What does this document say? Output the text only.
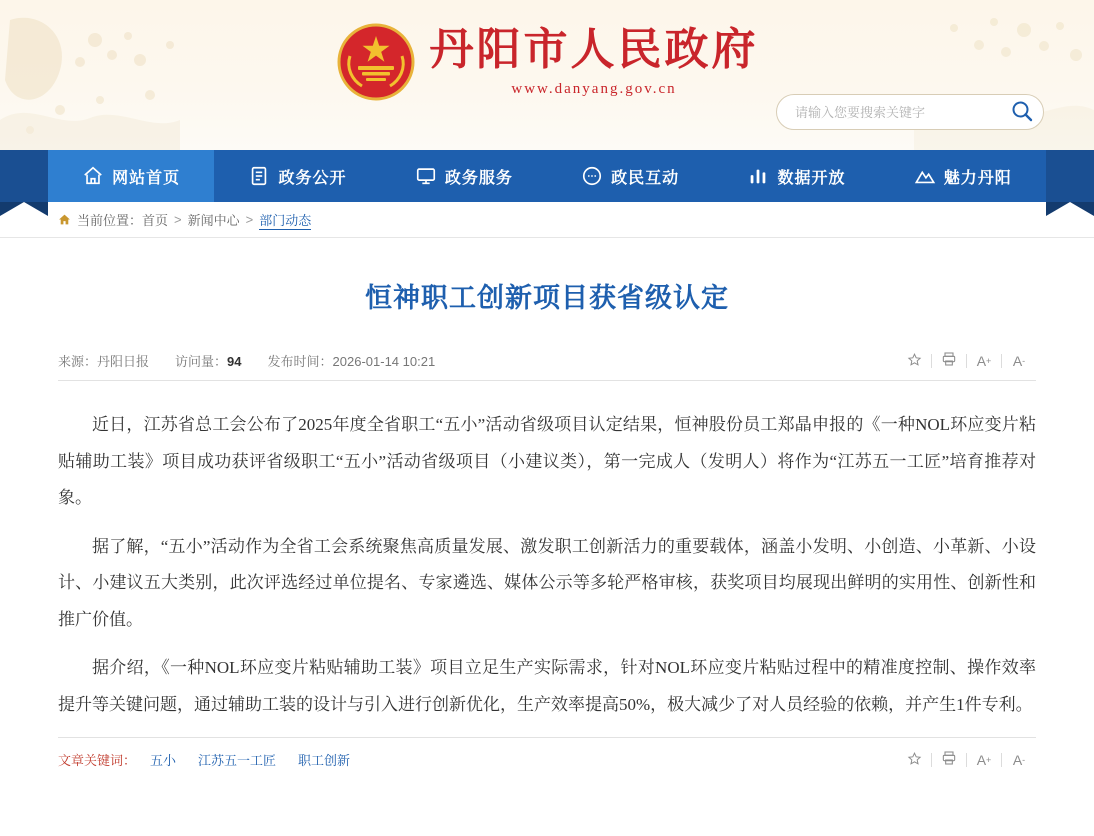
丹阳市人民政府
www.danyang.gov.cn
请输入您要搜索关键字
网站首页	政务公开	政务服务	政民互动	数据开放	魅力丹阳
当前位置： 首页 > 新闻中心 > 部门动态
恒神职工创新项目获省级认定
来源：丹阳日报 访问量：94 发布时间：2026-01-14 10:21	A + A -

近日，江苏省总工会公布了2025年度全省职工“五小”活动省级项目认定结果，恒神股份员工郑晶申报的《一种NOL环应变片粘贴辅助工装》项目成功获评省级职工“五小”活动省级项目（小建议类），第一完成人（发明人）将作为“江苏五一工匠”培育推荐对象。

据了解，“五小”活动作为全省工会系统聚焦高质量发展、激发职工创新活力的重要载体，涵盖小发明、小创造、小革新、小设计、小建议五大类别，此次评选经过单位提名、专家遴选、媒体公示等多轮严格审核，获奖项目均展现出鲜明的实用性、创新性和推广价值。

据介绍，《一种NOL环应变片粘贴辅助工装》项目立足生产实际需求，针对NOL环应变片粘贴过程中的精准度控制、操作效率提升等关键问题，通过辅助工装的设计与引入进行创新优化，生产效率提高50%，极大减少了对人员经验的依赖，并产生1件专利。

文章关键词： 五小 江苏五一工匠 职工创新	A + A -
